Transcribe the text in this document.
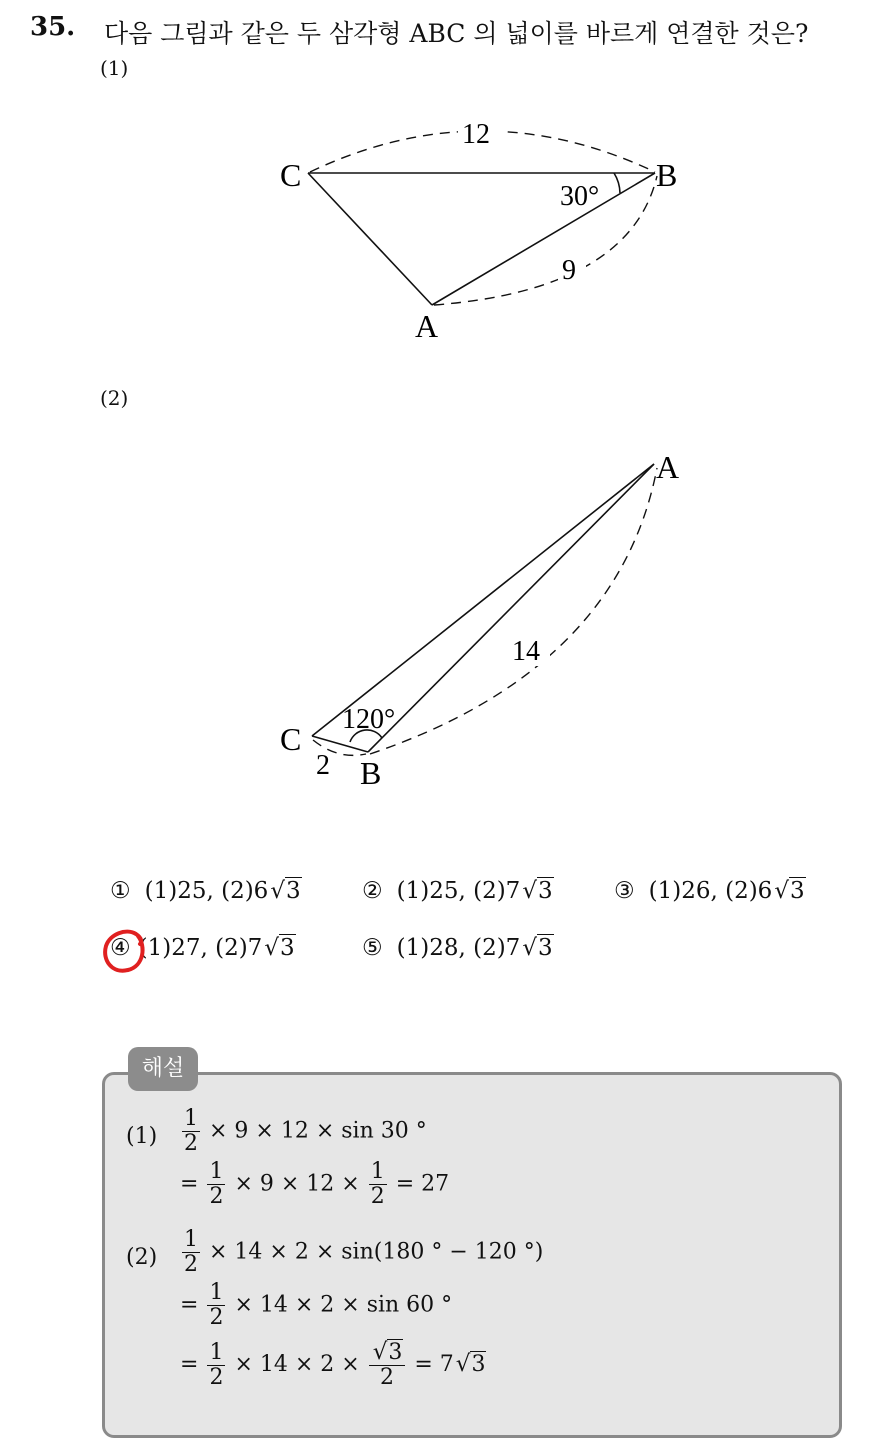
35. 다음 그림과 같은 두 삼각형 ABC 의 넓이를 바르게 연결한 것은?
(1)
C	B
A
12
9
30°
(2)
A
C
B
14
2
120°
① (1)25, (2)6√3	② (1)25, (2)7√3	③ (1)26, (2)6√3
④ (1)27, (2)7√3	⑤ (1)28, (2)7√3
해설
$(1) \frac{1}{2} \times 9 \times 12 \times \sin 30$ °
= $\frac{1}{2} \times 9 \times 12 \times \frac{1}{2} = 27$
$(2) \frac{1}{2} \times 14 \times 2 \times \sin(180$ ° − 120 °)
= $\frac{1}{2} \times 14 \times 2 \times \sin 60$ °
= $\frac{1}{2} \times 14 \times 2 \times \frac{√3}{2} = 7√3$
